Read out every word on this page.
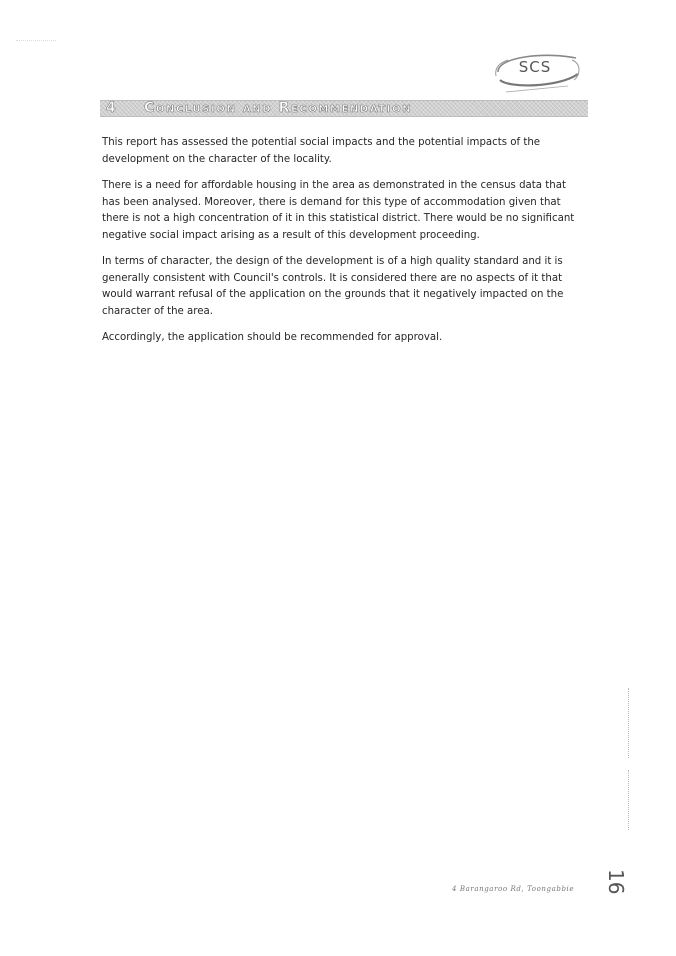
SCS
4 Conclusion and Recommendation

This report has assessed the potential social impacts and the potential impacts of the development on the character of the locality.

There is a need for affordable housing in the area as demonstrated in the census data that has been analysed. Moreover, there is demand for this type of accommodation given that there is not a high concentration of it in this statistical district. There would be no significant negative social impact arising as a result of this development proceeding.

In terms of character, the design of the development is of a high quality standard and it is generally consistent with Council's controls. It is considered there are no aspects of it that would warrant refusal of the application on the grounds that it negatively impacted on the character of the area.

Accordingly, the application should be recommended for approval.

4 Barangaroo Rd, Toongabbie 16
